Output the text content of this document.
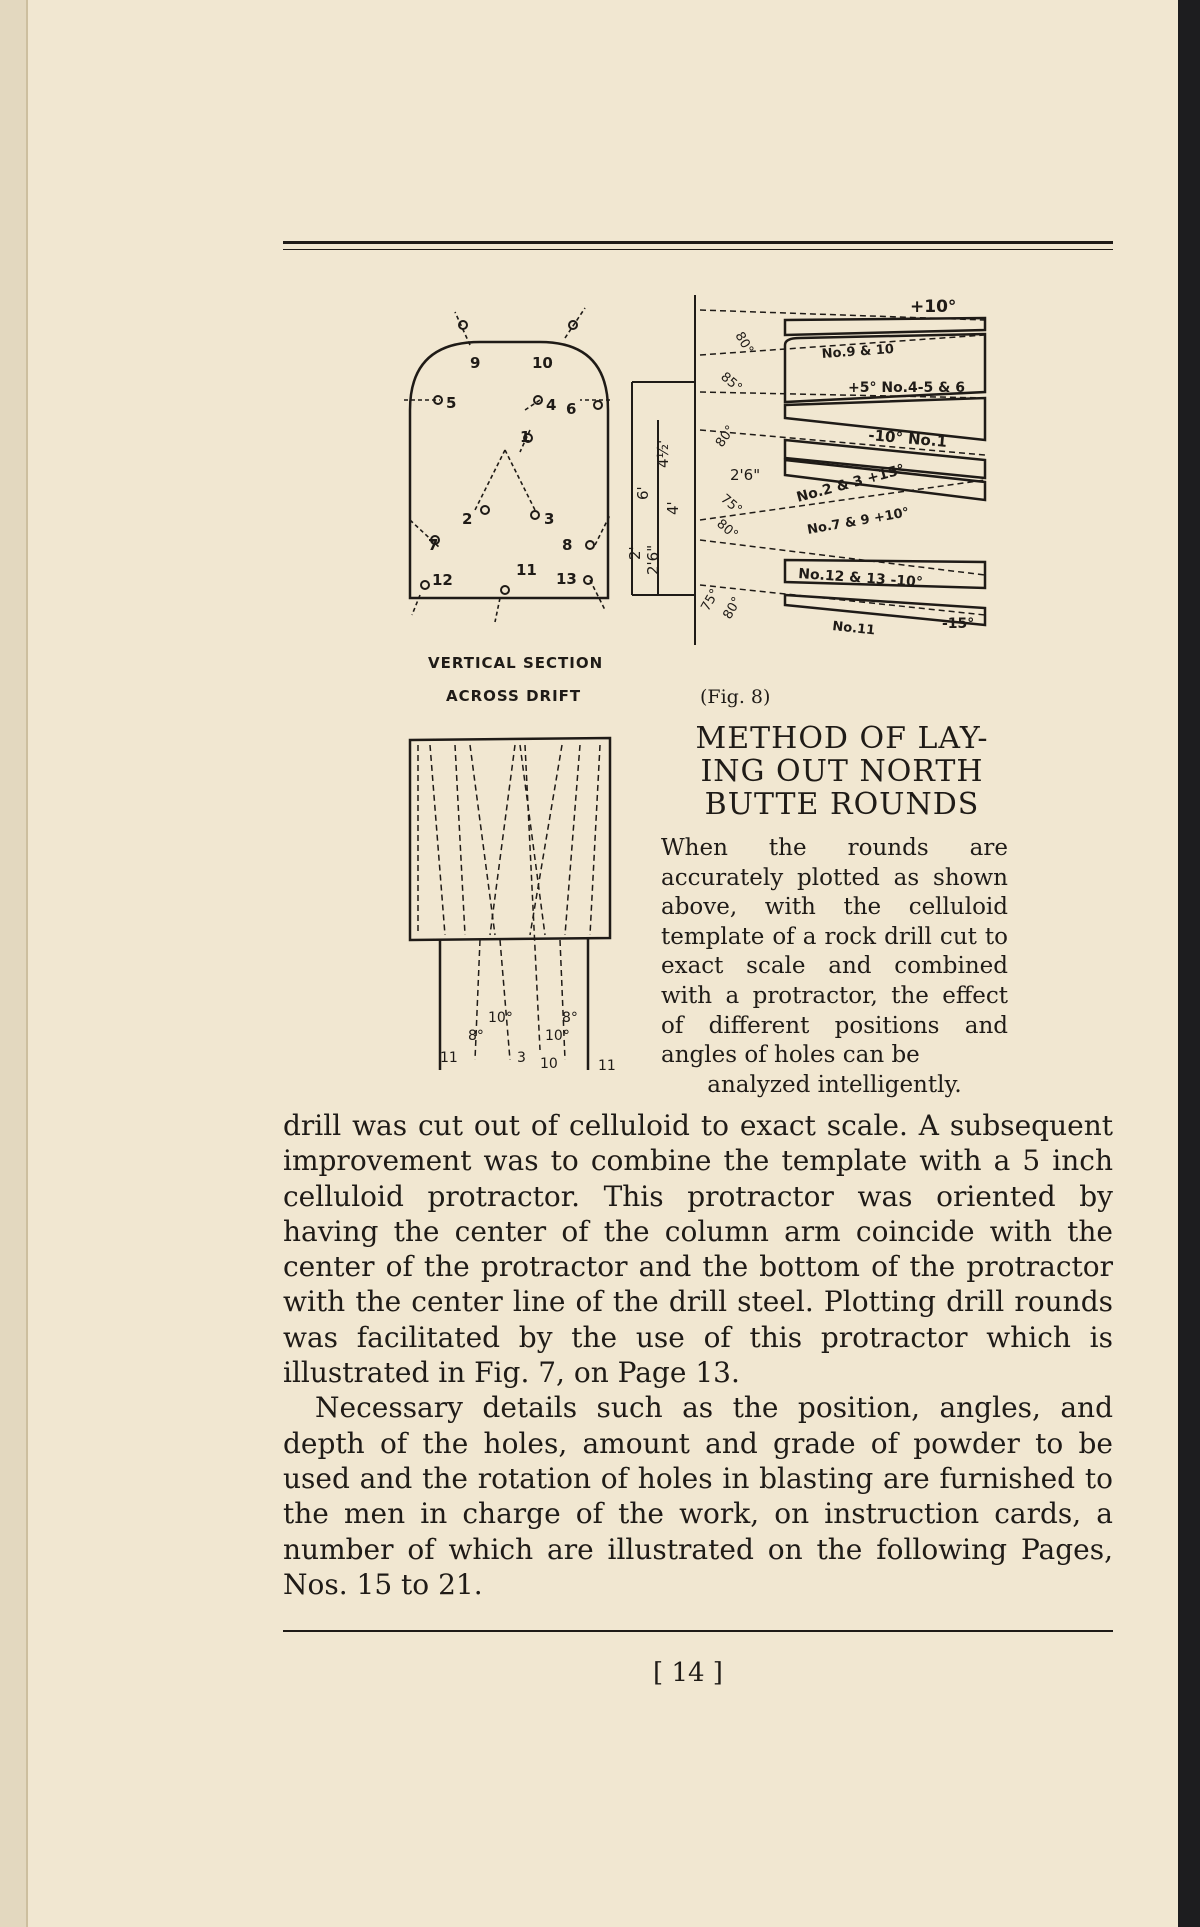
9	10
5	4 6
1
2	3
7	8
12
11 13
VERTICAL SECTION
ACROSS DRIFT
+10°
No.9 & 10
+5° No.4-5 & 6
-10° No.1
No.2 & 3 +15°
No.7 & 9 +10°
No.12 & 13 -10°
No.11	-15°
80°
85°
80°
75°
80°
75°
80°
6'
4'
4½'
2'6"
2' 2'6"
10°
8°
8°
10°
11	3 10	11
(Fig. 8)
METHOD OF LAY-
ING OUT NORTH
BUTTE ROUNDS
When the rounds are accurately plotted as shown above, with the celluloid template of a rock drill cut to exact scale and combined with a protractor, the effect of different positions and angles of holes can be
analyzed intelligently.

drill was cut out of celluloid to exact scale. A subsequent improvement was to combine the template with a 5 inch celluloid protractor. This protractor was oriented by having the center of the column arm coincide with the center of the protractor and the bottom of the protractor with the center line of the drill steel. Plotting drill rounds was facilitated by the use of this protractor which is illustrated in Fig. 7, on Page 13.

Necessary details such as the position, angles, and depth of the holes, amount and grade of powder to be used and the rotation of holes in blasting are furnished to the men in charge of the work, on instruction cards, a number of which are illustrated on the following Pages, Nos. 15 to 21.

[ 14 ]
